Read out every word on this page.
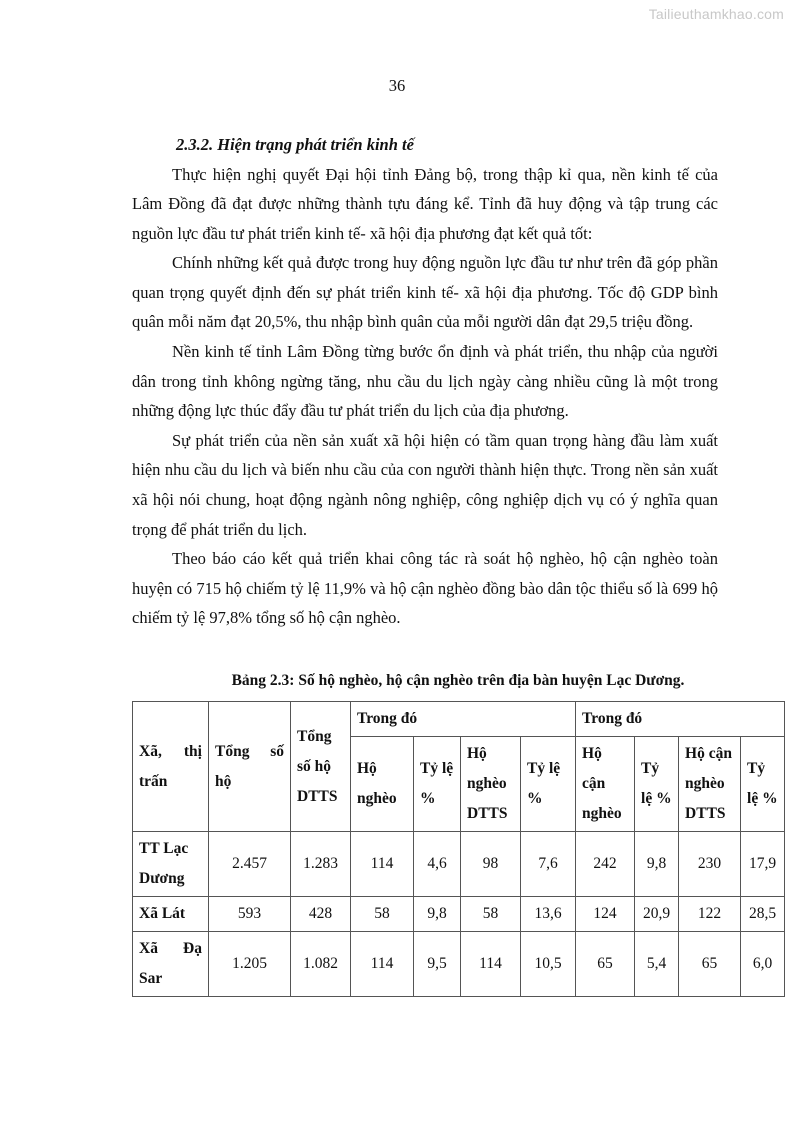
Tailieuthamkhao.com
36
2.3.2. Hiện trạng phát triển kinh tế

Thực hiện nghị quyết Đại hội tỉnh Đảng bộ, trong thập kỉ qua, nền kinh tế của Lâm Đồng đã đạt được những thành tựu đáng kể. Tỉnh đã huy động và tập trung các nguồn lực đầu tư phát triển kinh tế- xã hội địa phương đạt kết quả tốt:

Chính những kết quả được trong huy động nguồn lực đầu tư như trên đã góp phần quan trọng quyết định đến sự phát triển kinh tế- xã hội địa phương. Tốc độ GDP bình quân mỗi năm đạt 20,5%, thu nhập bình quân của mỗi người dân đạt 29,5 triệu đồng.

Nền kinh tế tỉnh Lâm Đồng từng bước ổn định và phát triển, thu nhập của người dân trong tỉnh không ngừng tăng, nhu cầu du lịch ngày càng nhiều cũng là một trong những động lực thúc đẩy đầu tư phát triển du lịch của địa phương.

Sự phát triển của nền sản xuất xã hội hiện có tầm quan trọng hàng đầu làm xuất hiện nhu cầu du lịch và biến nhu cầu của con người thành hiện thực. Trong nền sản xuất xã hội nói chung, hoạt động ngành nông nghiệp, công nghiệp dịch vụ có ý nghĩa quan trọng để phát triển du lịch.

Theo báo cáo kết quả triển khai công tác rà soát hộ nghèo, hộ cận nghèo toàn huyện có 715 hộ chiếm tỷ lệ 11,9% và hộ cận nghèo đồng bào dân tộc thiểu số là 699 hộ chiếm tỷ lệ 97,8% tổng số hộ cận nghèo.

Bảng 2.3: Số hộ nghèo, hộ cận nghèo trên địa bàn huyện Lạc Dương.
Xã, thị trấn	Tổng số hộ	Tổng số hộ DTTS	Trong đó				Trong đó			
			Hộ nghèo	Tỷ lệ %	Hộ nghèo DTTS	Tỷ lệ %	Hộ cận nghèo	Tỷ lệ %	Hộ cận nghèo DTTS	Tỷ lệ %
TT Lạc Dương	2.457	1.283	114	4,6	98	7,6	242	9,8	230	17,9
Xã Lát	593	428	58	9,8	58	13,6	124	20,9	122	28,5
Xã Đạ Sar	1.205	1.082	114	9,5	114	10,5	65	5,4	65	6,0
